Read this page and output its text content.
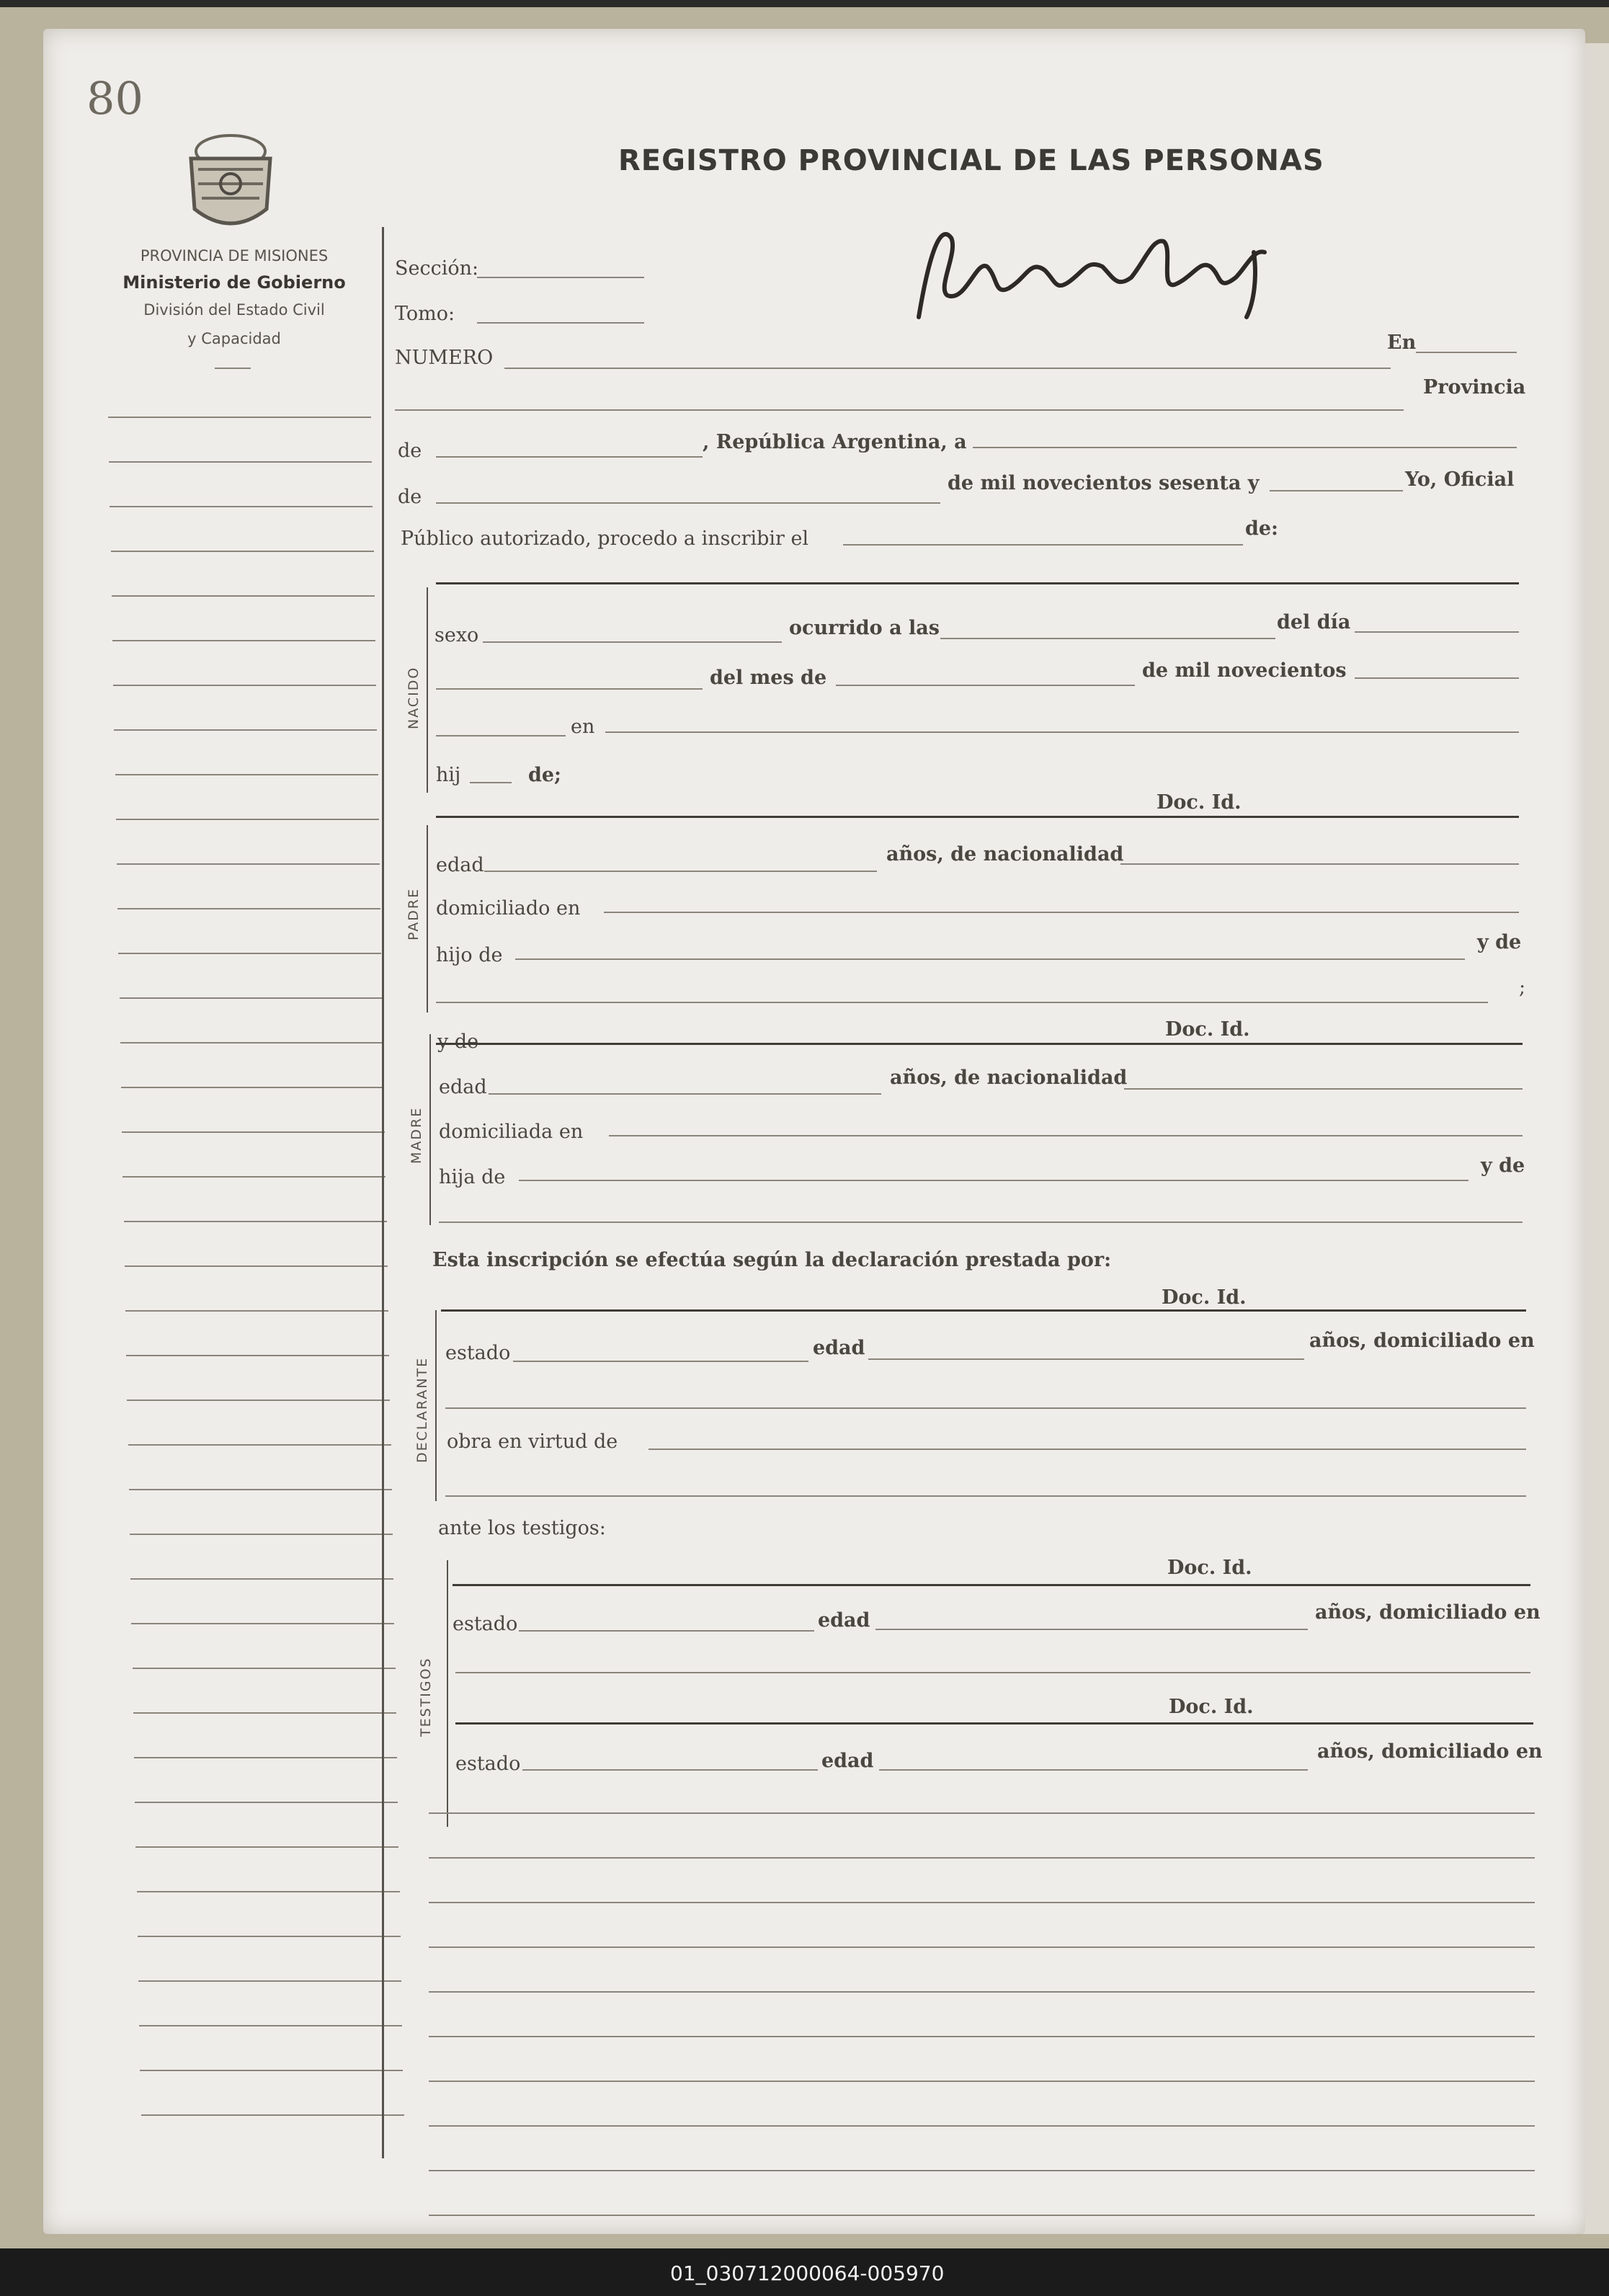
80
PROVINCIA DE MISIONES
Ministerio de Gobierno
División del Estado Civil
y Capacidad
REGISTRO PROVINCIAL DE LAS PERSONAS
Sección:
Tomo:
NUMERO
En
Provincia
de	, República Argentina, a
de
de mil novecientos sesenta y	Yo, Oficial
Público autorizado, procedo a inscribir el	de:
NACIDO
sexo	ocurrido a las	del día
del mes de	de mil novecientos
en
hij	de;
Doc. Id.
PADRE
edad	años, de nacionalidad
domiciliado en
hijo de
y de
;
Doc. Id.
MADRE
y de
edad	años, de nacionalidad
domiciliada en
hija de
y de
Esta inscripción se efectúa según la declaración prestada por:
Doc. Id.
DECLARANTE
estado	edad	años, domiciliado en
obra en virtud de
ante los testigos:
TESTIGOS
Doc. Id.
estado	edad	años, domiciliado en
Doc. Id.
estado	edad	años, domiciliado en
01_030712000064-005970
